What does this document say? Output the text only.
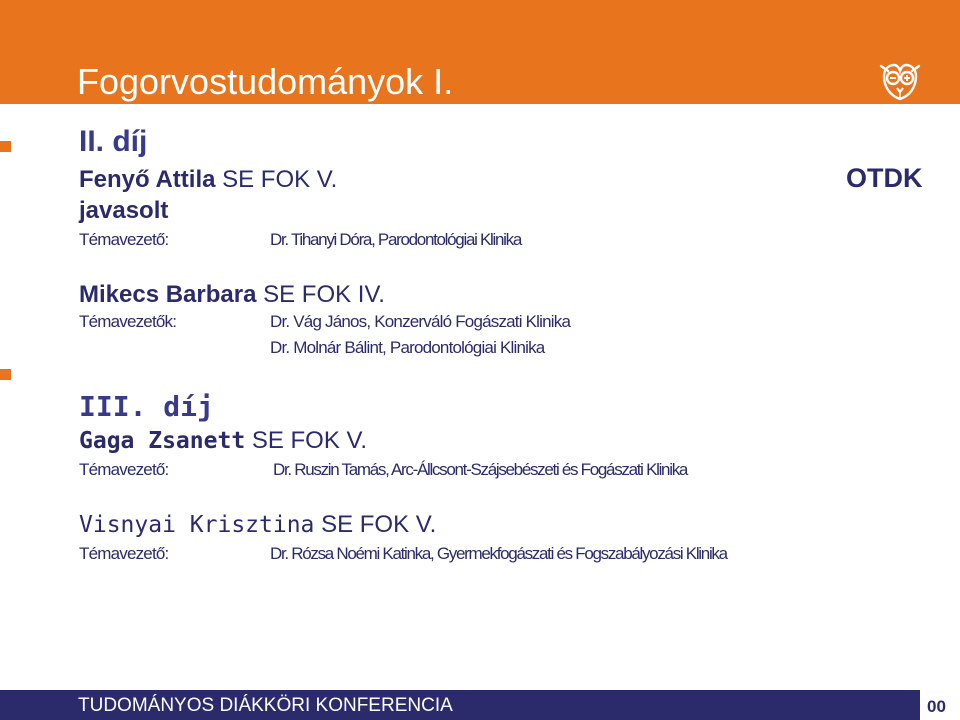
Fogorvostudományok I.
OTDK
II. díj
Fenyő Attila SE FOK V.
javasolt
Témavezető:	Dr. Tihanyi Dóra, Parodontológiai Klinika
Mikecs Barbara SE FOK IV.
Témavezetők:	Dr. Vág János, Konzerváló Fogászati Klinika
Dr. Molnár Bálint, Parodontológiai Klinika
III. díj
Gaga Zsanett SE FOK V.
Témavezető:	Dr. Ruszin Tamás, Arc-Állcsont-Szájsebészeti és Fogászati Klinika
Visnyai Krisztina SE FOK V.
Témavezető:	Dr. Rózsa Noémi Katinka, Gyermekfogászati és Fogszabályozási Klinika
TUDOMÁNYOS DIÁKKÖRI KONFERENCIA	00
